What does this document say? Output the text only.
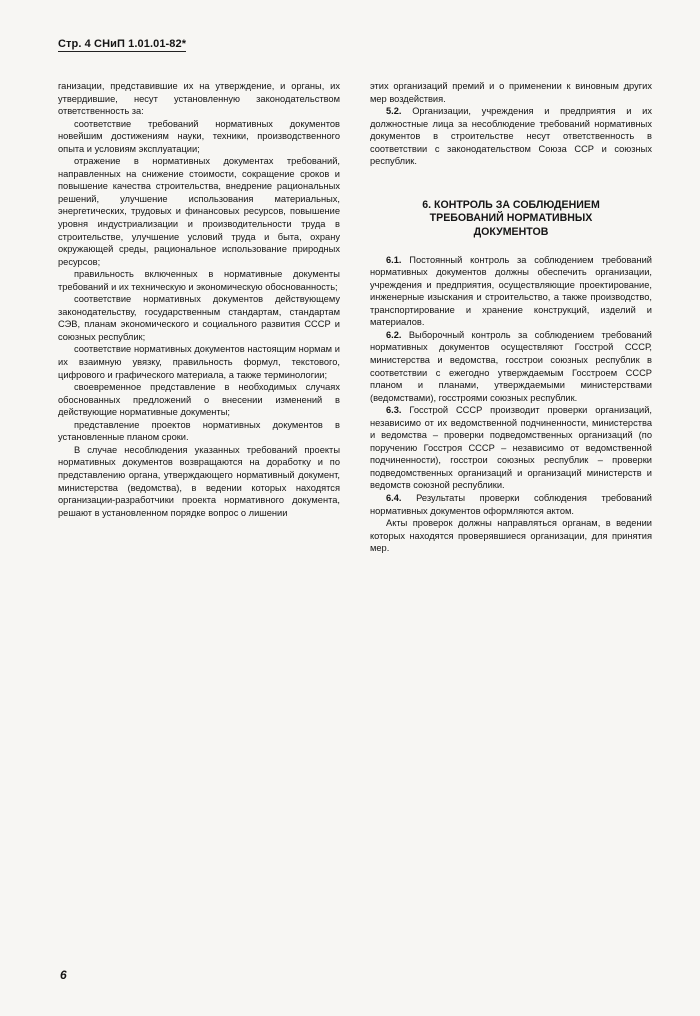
Стр. 4 СНиП 1.01.01-82*

ганизации, представившие их на утверждение, и органы, их утвердившие, несут установленную законодательством ответственность за:

соответствие требований нормативных документов новейшим достижениям науки, техники, производственного опыта и условиям эксплуатации;

отражение в нормативных документах требований, направленных на снижение стоимости, сокращение сроков и повышение качества строительства, внедрение рациональных решений, улучшение использования материальных, энергетических, трудовых и финансовых ресурсов, повышение уровня индустриализации и производительности труда в строительстве, улучшение условий труда и быта, охрану окружающей среды, рациональное использование природных ресурсов;

правильность включенных в нормативные документы требований и их техническую и экономическую обоснованность;

соответствие нормативных документов действующему законодательству, государственным стандартам, стандартам СЭВ, планам экономического и социального развития СССР и союзных республик;

соответствие нормативных документов настоящим нормам и их взаимную увязку, правильность формул, текстового, цифрового и графического материала, а также терминологии;

своевременное представление в необходимых случаях обоснованных предложений о внесении изменений в действующие нормативные документы;

представление проектов нормативных документов в установленные планом сроки.

В случае несоблюдения указанных требований проекты нормативных документов возвращаются на доработку и по представлению органа, утверждающего нормативный документ, министерства (ведомства), в ведении которых находятся организации-разработчики проекта нормативного документа, решают в установленном порядке вопрос о лишении

этих организаций премий и о применении к виновным других мер воздействия.

5.2. Организации, учреждения и предприятия и их должностные лица за несоблюдение требований нормативных документов в строительстве несут ответственность в соответствии с законодательством Союза ССР и союзных республик.

6. КОНТРОЛЬ ЗА СОБЛЮДЕНИЕМ
ТРЕБОВАНИЙ НОРМАТИВНЫХ
ДОКУМЕНТОВ

6.1. Постоянный контроль за соблюдением требований нормативных документов должны обеспечить организации, учреждения и предприятия, осуществляющие проектирование, инженерные изыскания и строительство, а также производство, транспортирование и хранение конструкций, изделий и материалов.

6.2. Выборочный контроль за соблюдением требований нормативных документов осуществляют Госстрой СССР, министерства и ведомства, госстрои союзных республик в соответствии с ежегодно утверждаемым Госстроем СССР планом и планами, утверждаемыми министерствами (ведомствами), госстроями союзных республик.

6.3. Госстрой СССР производит проверки организаций, независимо от их ведомственной подчиненности, министерства и ведомства – проверки подведомственных организаций (по поручению Госстроя СССР – независимо от ведомственной подчиненности), госстрои союзных республик – проверки подведомственных организаций и организаций министерств и ведомств союзной республики.

6.4. Результаты проверки соблюдения требований нормативных документов оформляются актом.

Акты проверок должны направляться органам, в ведении которых находятся проверявшиеся организации, для принятия мер.

6
